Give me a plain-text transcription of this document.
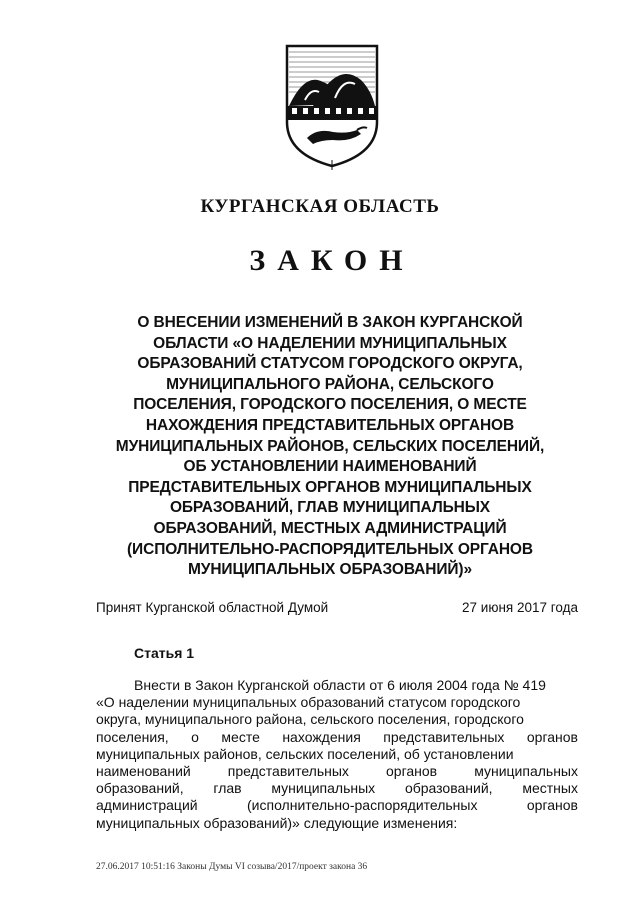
КУРГАНСКАЯ ОБЛАСТЬ
ЗАКОН
О ВНЕСЕНИИ ИЗМЕНЕНИЙ В ЗАКОН КУРГАНСКОЙ
ОБЛАСТИ «О НАДЕЛЕНИИ МУНИЦИПАЛЬНЫХ
ОБРАЗОВАНИЙ СТАТУСОМ ГОРОДСКОГО ОКРУГА,
МУНИЦИПАЛЬНОГО РАЙОНА, СЕЛЬСКОГО
ПОСЕЛЕНИЯ, ГОРОДСКОГО ПОСЕЛЕНИЯ, О МЕСТЕ
НАХОЖДЕНИЯ ПРЕДСТАВИТЕЛЬНЫХ ОРГАНОВ
МУНИЦИПАЛЬНЫХ РАЙОНОВ, СЕЛЬСКИХ ПОСЕЛЕНИЙ,
ОБ УСТАНОВЛЕНИИ НАИМЕНОВАНИЙ
ПРЕДСТАВИТЕЛЬНЫХ ОРГАНОВ МУНИЦИПАЛЬНЫХ
ОБРАЗОВАНИЙ, ГЛАВ МУНИЦИПАЛЬНЫХ
ОБРАЗОВАНИЙ, МЕСТНЫХ АДМИНИСТРАЦИЙ
(ИСПОЛНИТЕЛЬНО-РАСПОРЯДИТЕЛЬНЫХ ОРГАНОВ
МУНИЦИПАЛЬНЫХ ОБРАЗОВАНИЙ)»
Принят Курганской областной Думой	27 июня 2017 года
Статья 1
Внести в Закон Курганской области от 6 июля 2004 года № 419
«О наделении муниципальных образований статусом городского
округа, муниципального района, сельского поселения, городского
поселения, о месте нахождения представительных органов
муниципальных районов, сельских поселений, об установлении
наименований	представительных	органов	муниципальных
образований, глав муниципальных образований, местных
администраций	(исполнительно-распорядительных	органов
муниципальных образований)» следующие изменения:
27.06.2017 10:51:16 Законы Думы VI созыва/2017/проект закона 36
